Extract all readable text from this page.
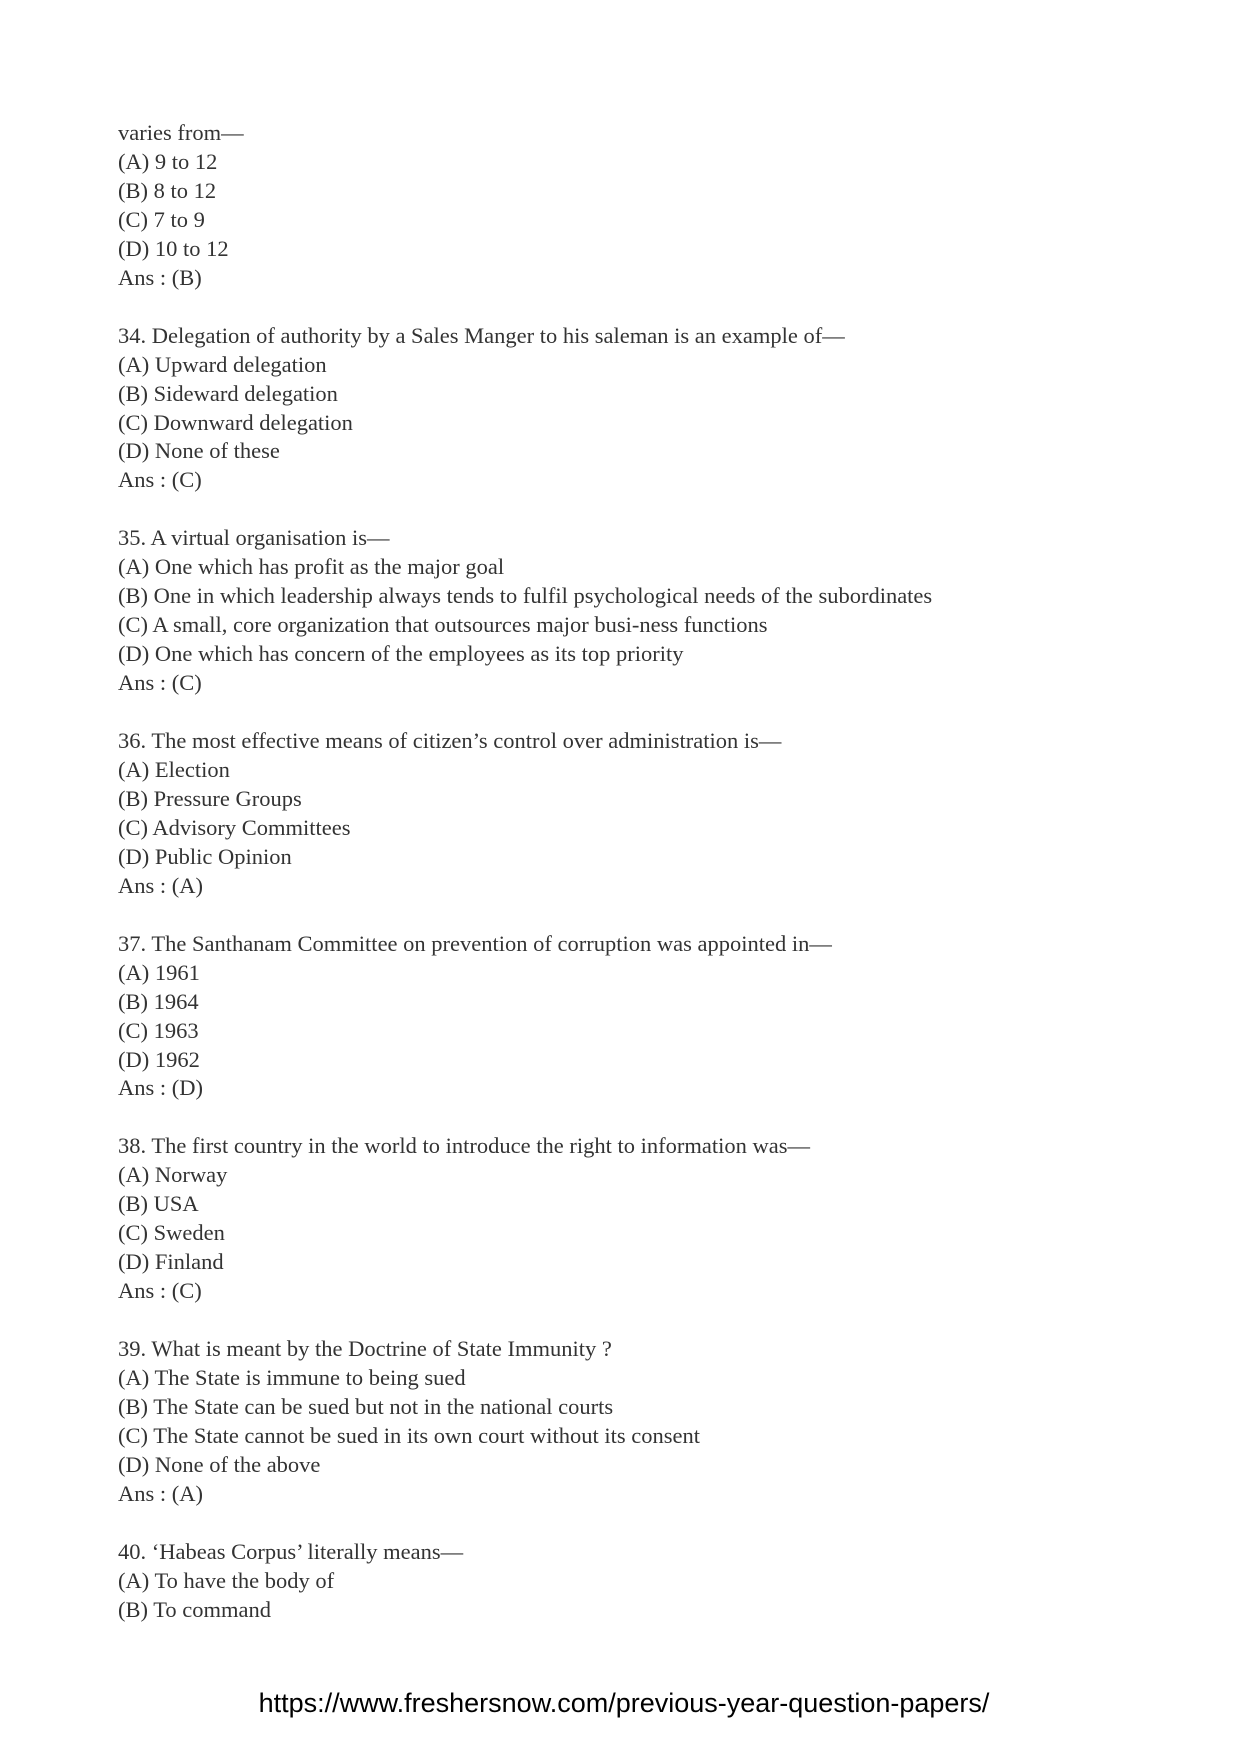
varies from—
(A) 9 to 12
(B) 8 to 12
(C) 7 to 9
(D) 10 to 12
Ans : (B)
34. Delegation of authority by a Sales Manger to his saleman is an example of—
(A) Upward delegation
(B) Sideward delegation
(C) Downward delegation
(D) None of these
Ans : (C)
35. A virtual organisation is—
(A) One which has profit as the major goal
(B) One in which leadership always tends to fulfil psychological needs of the subordinates
(C) A small, core organization that outsources major busi-ness functions
(D) One which has concern of the employees as its top priority
Ans : (C)
36. The most effective means of citizen’s control over administration is—
(A) Election
(B) Pressure Groups
(C) Advisory Committees
(D) Public Opinion
Ans : (A)
37. The Santhanam Committee on prevention of corruption was appointed in—
(A) 1961
(B) 1964
(C) 1963
(D) 1962
Ans : (D)
38. The first country in the world to introduce the right to information was—
(A) Norway
(B) USA
(C) Sweden
(D) Finland
Ans : (C)
39. What is meant by the Doctrine of State Immunity ?
(A) The State is immune to being sued
(B) The State can be sued but not in the national courts
(C) The State cannot be sued in its own court without its consent
(D) None of the above
Ans : (A)
40. ‘Habeas Corpus’ literally means—
(A) To have the body of
(B) To command
https://www.freshersnow.com/previous-year-question-papers/
